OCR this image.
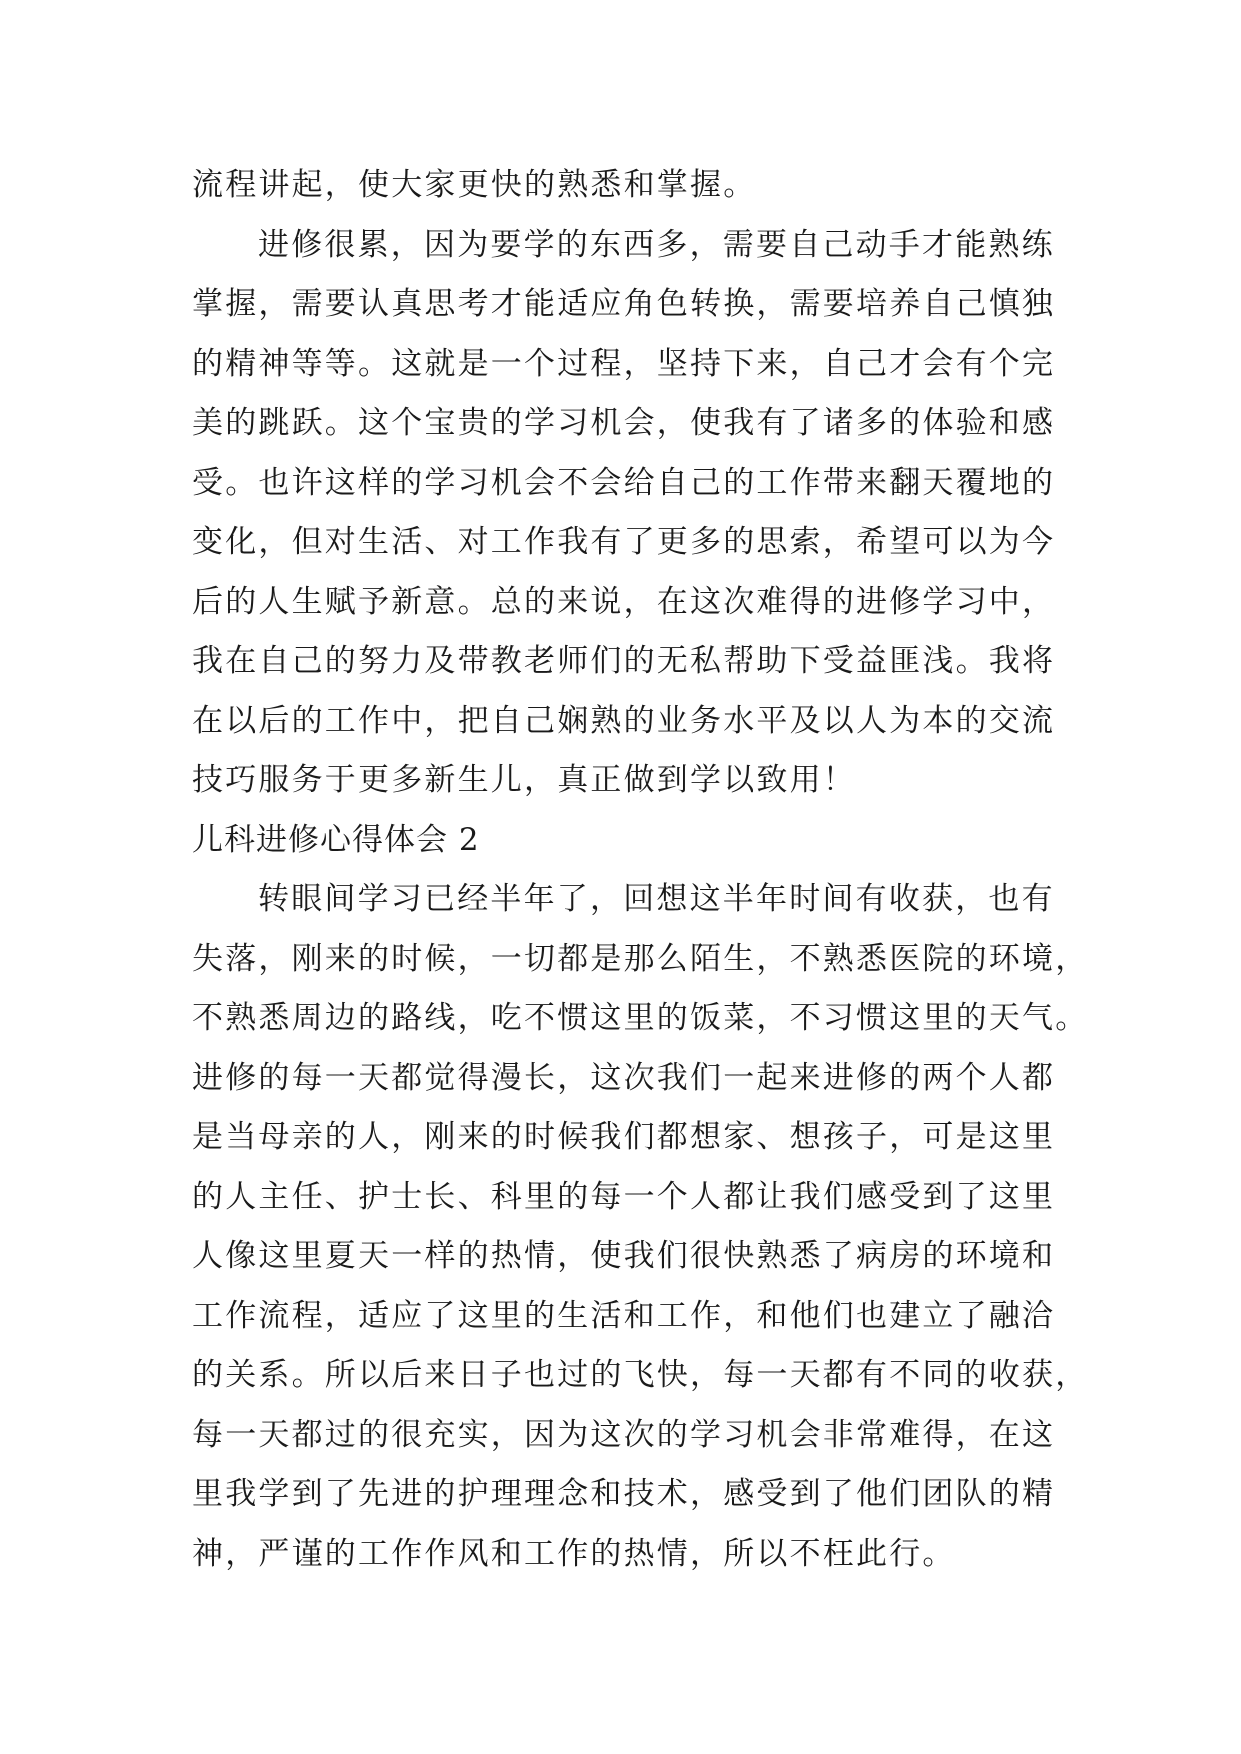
流程讲起，使大家更快的熟悉和掌握。
进修很累，因为要学的东西多，需要自己动手才能熟练
掌握，需要认真思考才能适应角色转换，需要培养自己慎独
的精神等等。这就是一个过程，坚持下来，自己才会有个完
美的跳跃。这个宝贵的学习机会，使我有了诸多的体验和感
受。也许这样的学习机会不会给自己的工作带来翻天覆地的
变化，但对生活、对工作我有了更多的思索，希望可以为今
后的人生赋予新意。总的来说，在这次难得的进修学习中，
我在自己的努力及带教老师们的无私帮助下受益匪浅。我将
在以后的工作中，把自己娴熟的业务水平及以人为本的交流
技巧服务于更多新生儿，真正做到学以致用！
儿科进修心得体会 2
转眼间学习已经半年了，回想这半年时间有收获，也有
失落，刚来的时候，一切都是那么陌生，不熟悉医院的环境，
不熟悉周边的路线，吃不惯这里的饭菜，不习惯这里的天气。
进修的每一天都觉得漫长，这次我们一起来进修的两个人都
是当母亲的人，刚来的时候我们都想家、想孩子，可是这里
的人主任、护士长、科里的每一个人都让我们感受到了这里
人像这里夏天一样的热情，使我们很快熟悉了病房的环境和
工作流程，适应了这里的生活和工作，和他们也建立了融洽
的关系。所以后来日子也过的飞快，每一天都有不同的收获，
每一天都过的很充实，因为这次的学习机会非常难得，在这
里我学到了先进的护理理念和技术，感受到了他们团队的精
神，严谨的工作作风和工作的热情，所以不枉此行。
